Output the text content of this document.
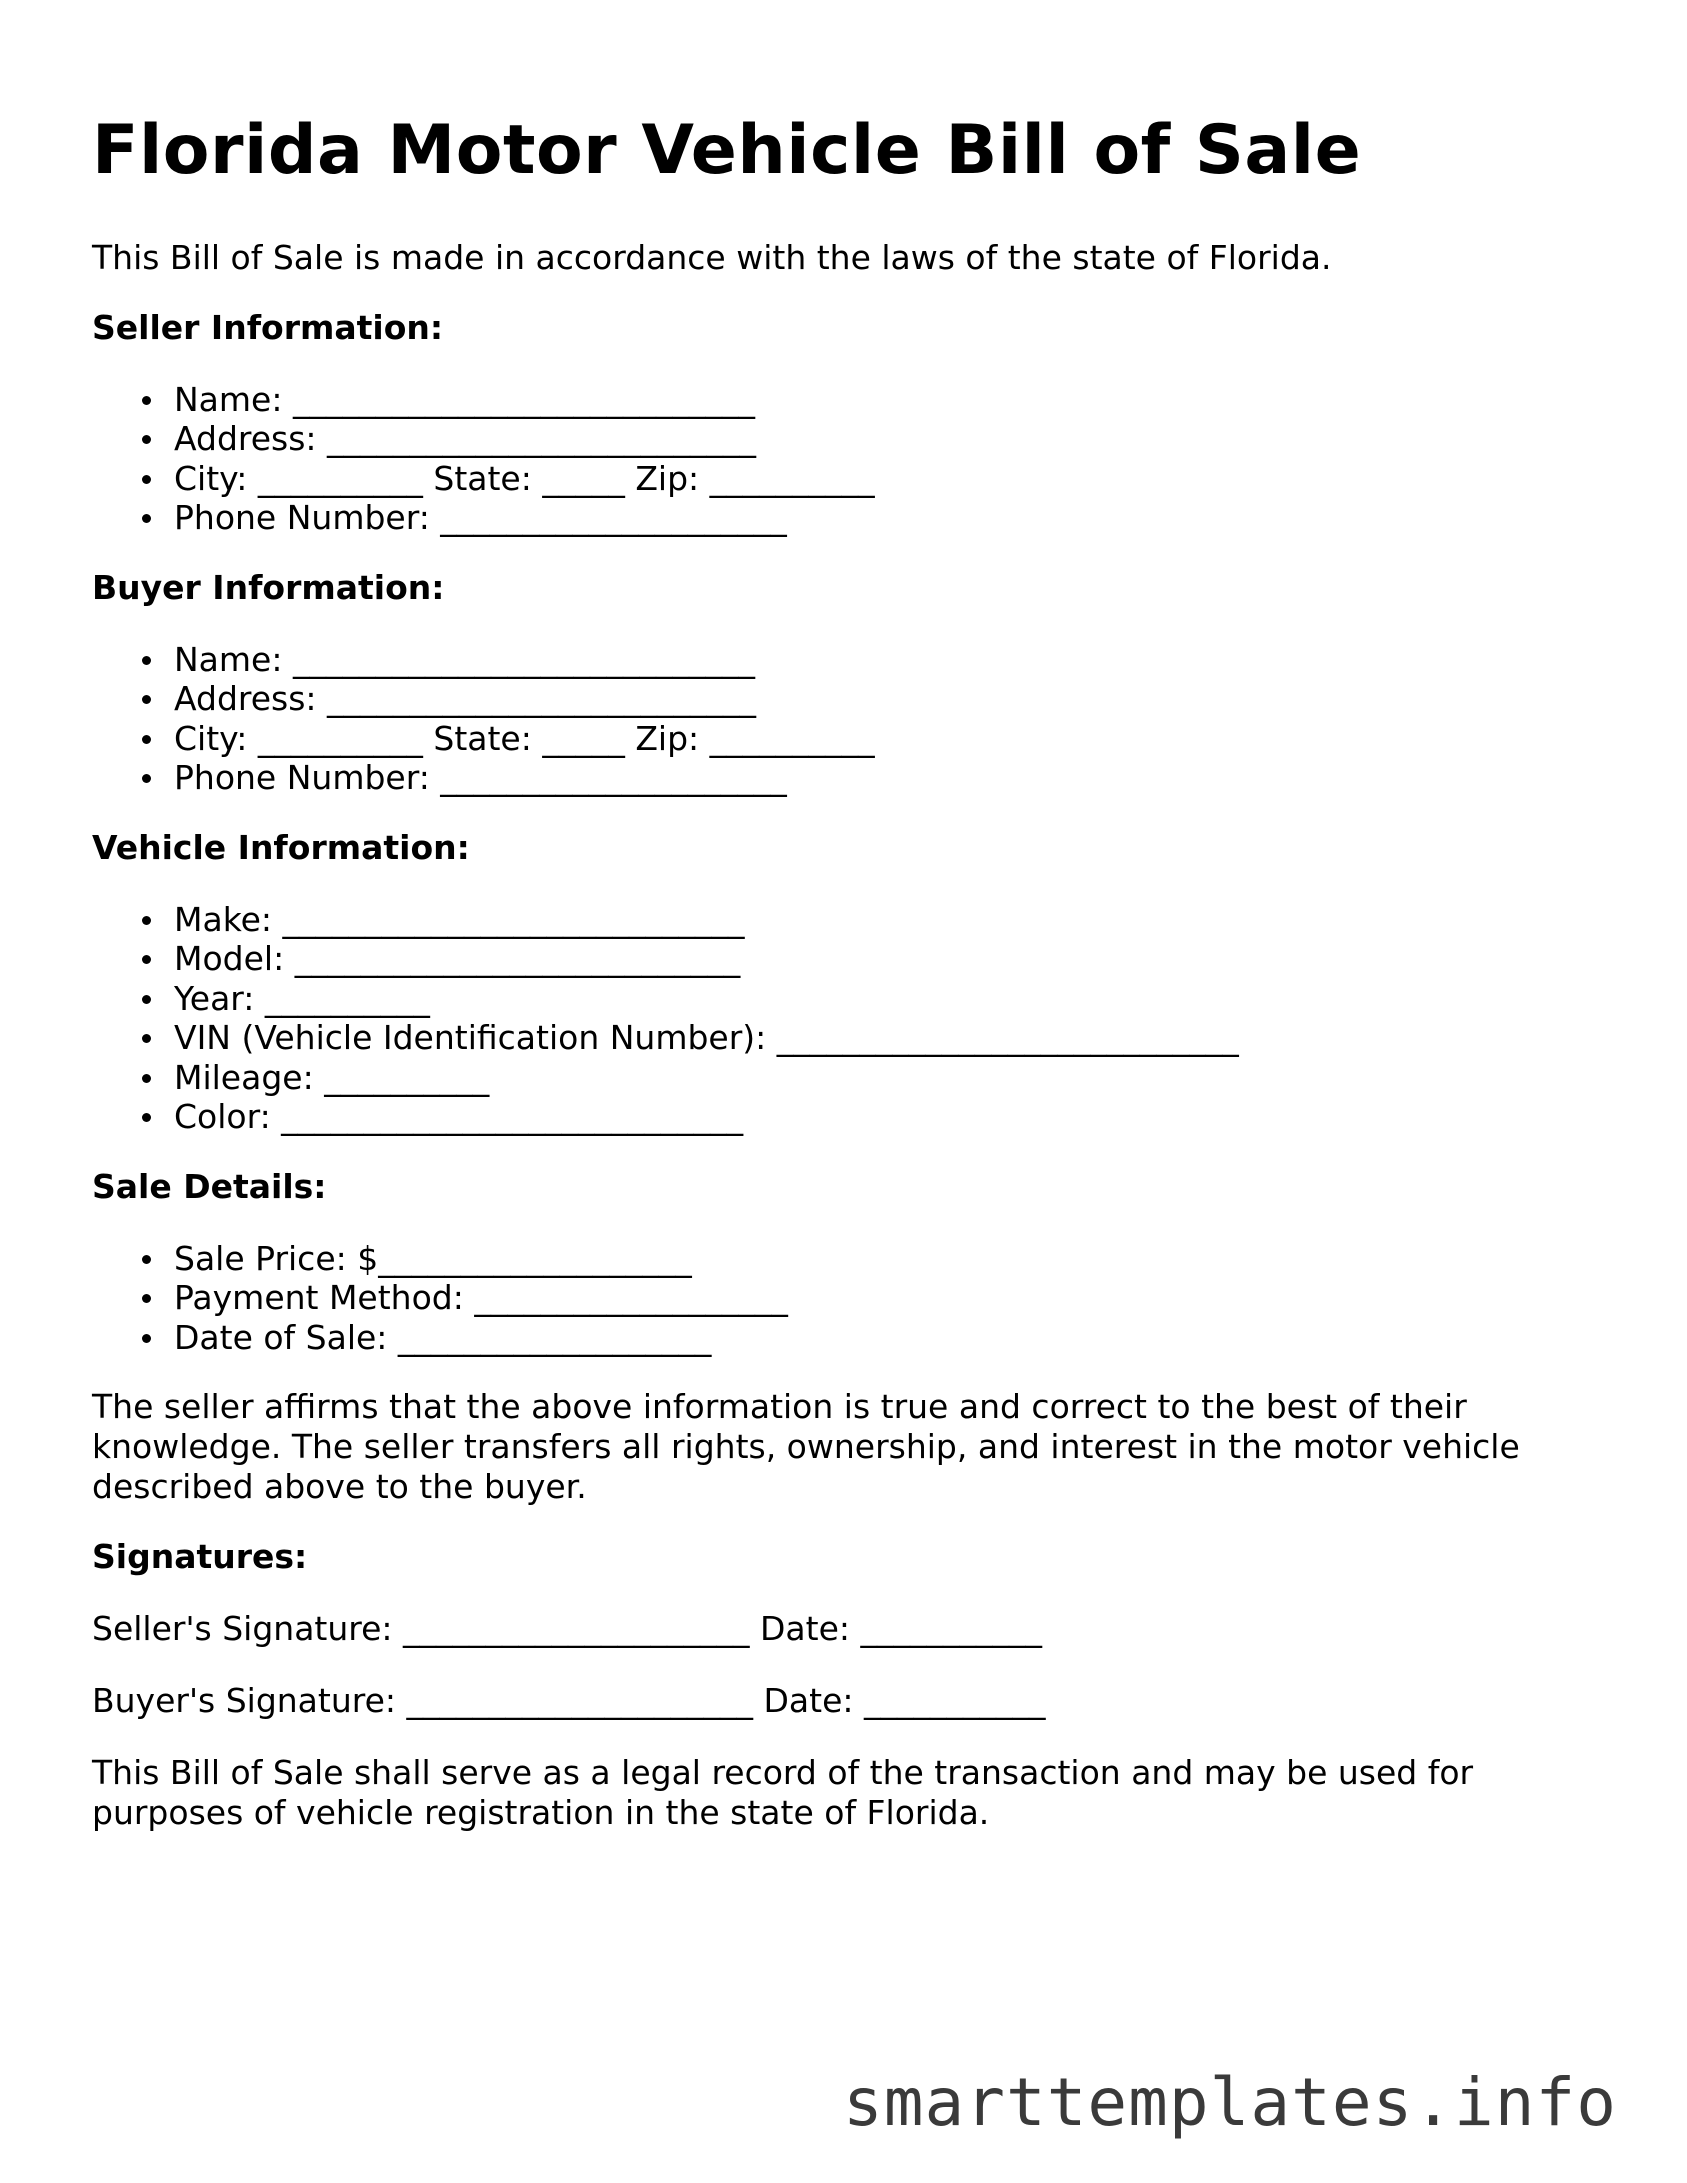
Florida Motor Vehicle Bill of Sale

This Bill of Sale is made in accordance with the laws of the state of Florida.

Seller Information:
Name: ____________________________
Address: __________________________
City: __________ State: _____ Zip: __________
Phone Number: _____________________
Buyer Information:
Name: ____________________________
Address: __________________________
City: __________ State: _____ Zip: __________
Phone Number: _____________________
Vehicle Information:
Make: ____________________________
Model: ___________________________
Year: __________
VIN (Vehicle Identification Number): ____________________________
Mileage: __________
Color: ____________________________
Sale Details:
Sale Price: $___________________
Payment Method: ___________________
Date of Sale: ___________________

The seller affirms that the above information is true and correct to the best of their knowledge. The seller transfers all rights, ownership, and interest in the motor vehicle described above to the buyer.

Signatures:
Seller's Signature: _____________________ Date: ___________
Buyer's Signature: _____________________ Date: ___________

This Bill of Sale shall serve as a legal record of the transaction and may be used for purposes of vehicle registration in the state of Florida.

smarttemplates.info
